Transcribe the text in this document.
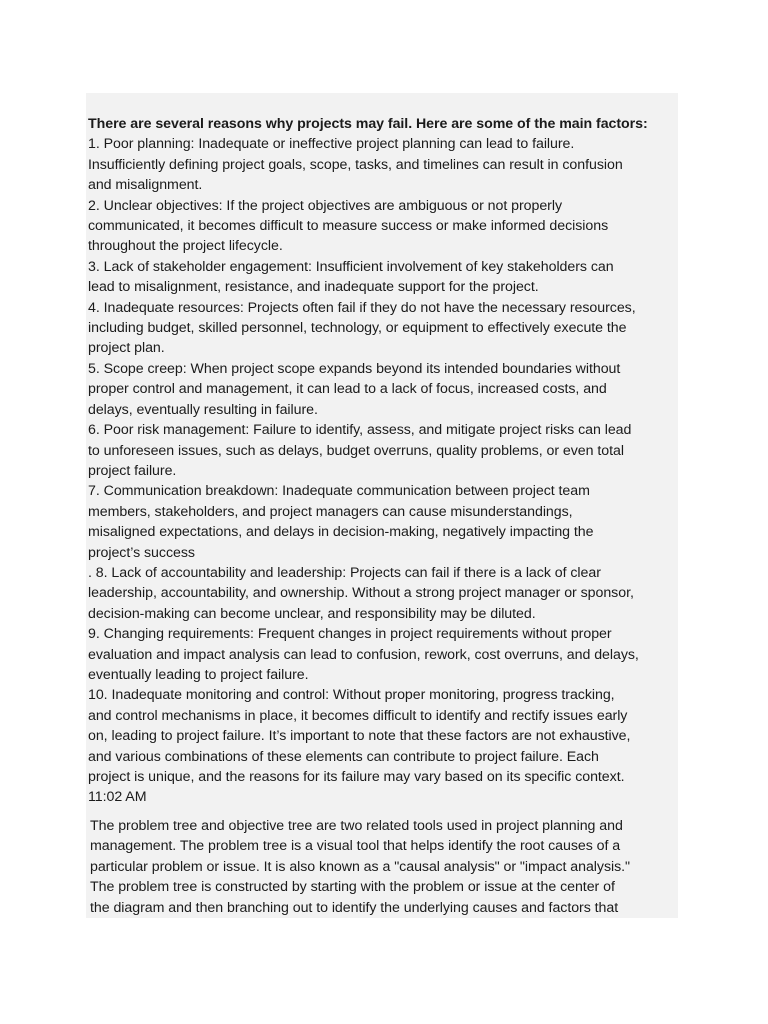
There are several reasons why projects may fail. Here are some of the main factors:
1. Poor planning: Inadequate or ineffective project planning can lead to failure.
Insufficiently defining project goals, scope, tasks, and timelines can result in confusion
and misalignment.
2. Unclear objectives: If the project objectives are ambiguous or not properly
communicated, it becomes difficult to measure success or make informed decisions
throughout the project lifecycle.
3. Lack of stakeholder engagement: Insufficient involvement of key stakeholders can
lead to misalignment, resistance, and inadequate support for the project.
4. Inadequate resources: Projects often fail if they do not have the necessary resources,
including budget, skilled personnel, technology, or equipment to effectively execute the
project plan.
5. Scope creep: When project scope expands beyond its intended boundaries without
proper control and management, it can lead to a lack of focus, increased costs, and
delays, eventually resulting in failure.
6. Poor risk management: Failure to identify, assess, and mitigate project risks can lead
to unforeseen issues, such as delays, budget overruns, quality problems, or even total
project failure.
7. Communication breakdown: Inadequate communication between project team
members, stakeholders, and project managers can cause misunderstandings,
misaligned expectations, and delays in decision-making, negatively impacting the
project’s success
. 8. Lack of accountability and leadership: Projects can fail if there is a lack of clear
leadership, accountability, and ownership. Without a strong project manager or sponsor,
decision-making can become unclear, and responsibility may be diluted.
9. Changing requirements: Frequent changes in project requirements without proper
evaluation and impact analysis can lead to confusion, rework, cost overruns, and delays,
eventually leading to project failure.
10. Inadequate monitoring and control: Without proper monitoring, progress tracking,
and control mechanisms in place, it becomes difficult to identify and rectify issues early
on, leading to project failure. It’s important to note that these factors are not exhaustive,
and various combinations of these elements can contribute to project failure. Each
project is unique, and the reasons for its failure may vary based on its specific context.
11:02 AM
The problem tree and objective tree are two related tools used in project planning and
management. The problem tree is a visual tool that helps identify the root causes of a
particular problem or issue. It is also known as a "causal analysis" or "impact analysis."
The problem tree is constructed by starting with the problem or issue at the center of
the diagram and then branching out to identify the underlying causes and factors that
